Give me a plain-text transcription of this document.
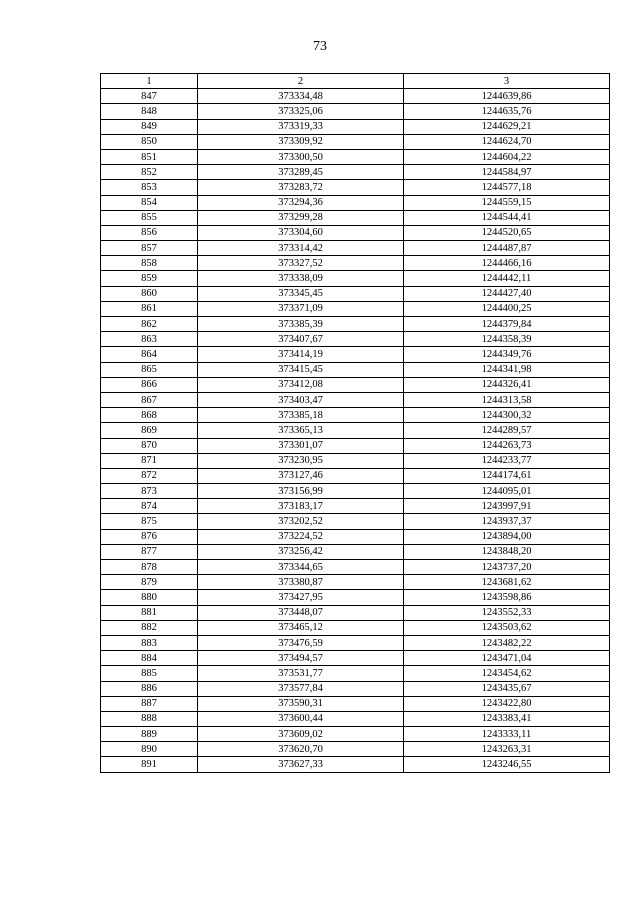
73
1	2	3
847	373334,48	1244639,86
848	373325,06	1244635,76
849	373319,33	1244629,21
850	373309,92	1244624,70
851	373300,50	1244604,22
852	373289,45	1244584,97
853	373283,72	1244577,18
854	373294,36	1244559,15
855	373299,28	1244544,41
856	373304,60	1244520,65
857	373314,42	1244487,87
858	373327,52	1244466,16
859	373338,09	1244442,11
860	373345,45	1244427,40
861	373371,09	1244400,25
862	373385,39	1244379,84
863	373407,67	1244358,39
864	373414,19	1244349,76
865	373415,45	1244341,98
866	373412,08	1244326,41
867	373403,47	1244313,58
868	373385,18	1244300,32
869	373365,13	1244289,57
870	373301,07	1244263,73
871	373230,95	1244233,77
872	373127,46	1244174,61
873	373156,99	1244095,01
874	373183,17	1243997,91
875	373202,52	1243937,37
876	373224,52	1243894,00
877	373256,42	1243848,20
878	373344,65	1243737,20
879	373380,87	1243681,62
880	373427,95	1243598,86
881	373448,07	1243552,33
882	373465,12	1243503,62
883	373476,59	1243482,22
884	373494,57	1243471,04
885	373531,77	1243454,62
886	373577,84	1243435,67
887	373590,31	1243422,80
888	373600,44	1243383,41
889	373609,02	1243333,11
890	373620,70	1243263,31
891	373627,33	1243246,55
